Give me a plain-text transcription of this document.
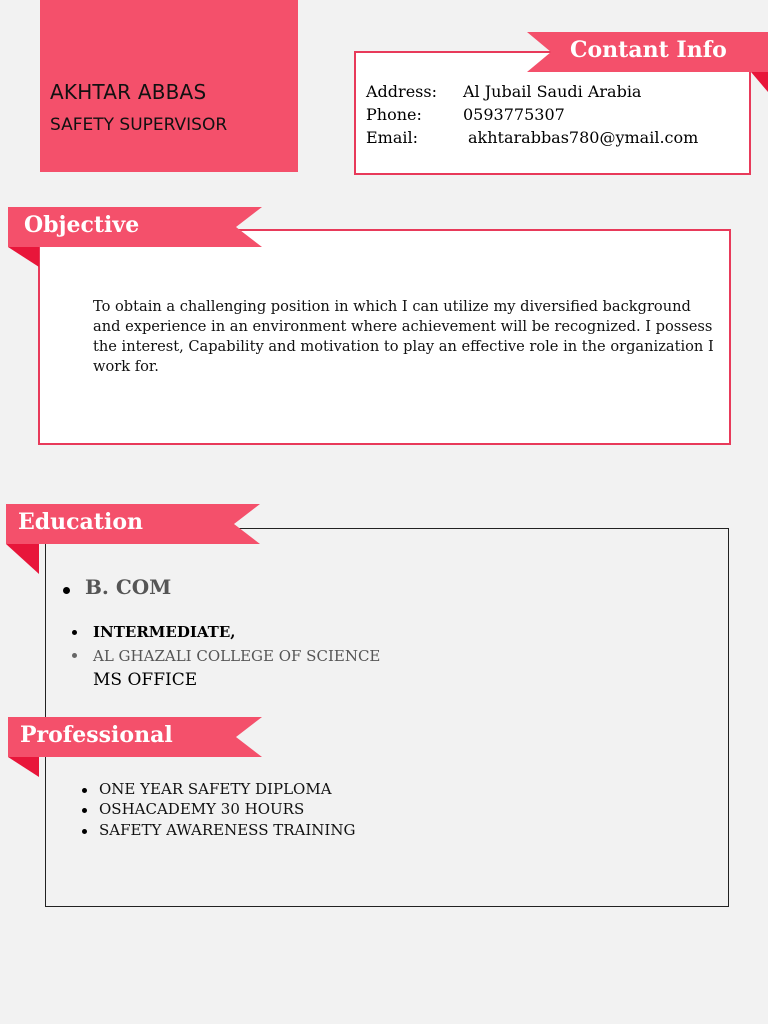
AKHTAR ABBAS
SAFETY SUPERVISOR
Address: Al Jubail Saudi Arabia
Phone:	0593775307
Email:	akhtarabbas780@ymail.com
Contant Info
To obtain a challenging position in which I can utilize my diversified background and experience in an environment where achievement will be recognized. I possess the interest, Capability and motivation to play an effective role in the organization I work for.
Objective
Education
B. COM
INTERMEDIATE,
AL GHAZALI COLLEGE OF SCIENCE
MS OFFICE
Professional
ONE YEAR SAFETY DIPLOMA
OSHACADEMY 30 HOURS
SAFETY AWARENESS TRAINING
